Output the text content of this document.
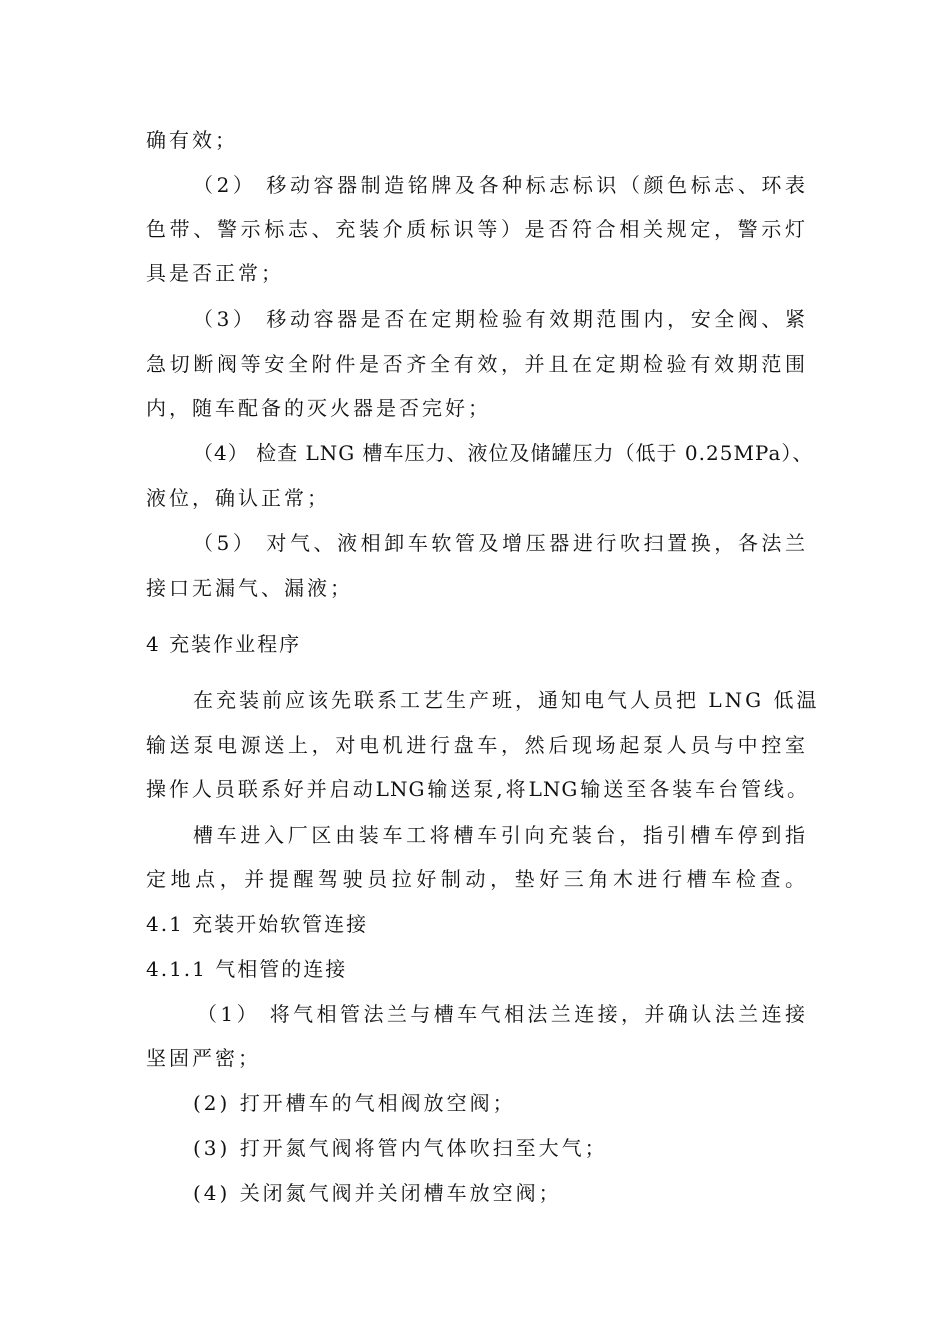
确有效；
（2） 移动容器制造铭牌及各种标志标识（颜色标志、环表
色带、警示标志、充装介质标识等）是否符合相关规定，警示灯
具是否正常；
（3） 移动容器是否在定期检验有效期范围内，安全阀、紧
急切断阀等安全附件是否齐全有效，并且在定期检验有效期范围
内，随车配备的灭火器是否完好；
（4） 检查 LNG 槽车压力、液位及储罐压力（低于 0.25MPa）、
液位，确认正常；
（5） 对气、液相卸车软管及增压器进行吹扫置换，各法兰
接口无漏气、漏液；
4 充装作业程序
在充装前应该先联系工艺生产班，通知电气人员把 LNG 低温
输送泵电源送上，对电机进行盘车，然后现场起泵人员与中控室
操作人员联系好并启动LNG输送泵,将LNG输送至各装车台管线。
槽车进入厂区由装车工将槽车引向充装台，指引槽车停到指
定地点，并提醒驾驶员拉好制动，垫好三角木进行槽车检查。
4.1 充装开始软管连接
4.1.1 气相管的连接
（1） 将气相管法兰与槽车气相法兰连接，并确认法兰连接
坚固严密；
(2) 打开槽车的气相阀放空阀；
(3) 打开氮气阀将管内气体吹扫至大气；
(4) 关闭氮气阀并关闭槽车放空阀；
